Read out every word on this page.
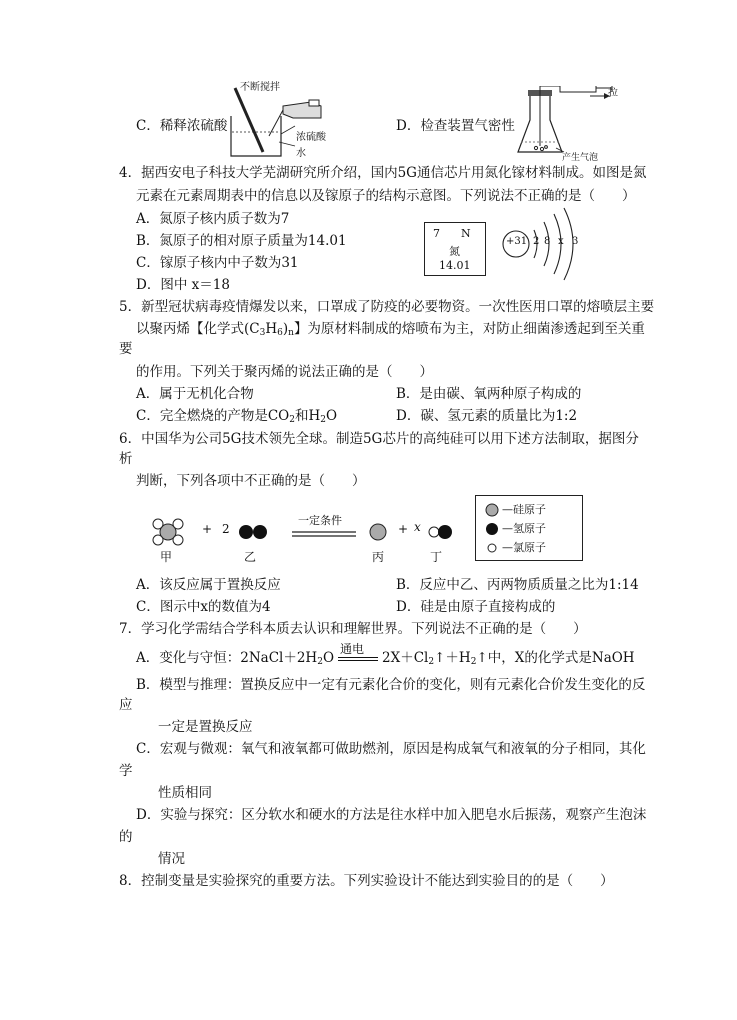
C．稀释浓硫酸
不断搅拌
浓硫酸
水
D．检查装置气密性
拉
产生气泡
4．据西安电子科技大学芜湖研究所介绍，国内5G通信芯片用氮化镓材料制成。如图是氮
元素在元素周期表中的信息以及镓原子的结构示意图。下列说法不正确的是（　　）
A．氮原子核内质子数为7
B．氮原子的相对原子质量为14.01
C．镓原子核内中子数为31
D．图中 x＝18
7 N
氮
14.01
+31 2 8 x 3
5．新型冠状病毒疫情爆发以来，口罩成了防疫的必要物资。一次性医用口罩的熔喷层主要
以聚丙烯【化学式$(C_3H_6)_n$】为原材料制成的熔喷布为主，对防止细菌渗透起到至关重
要
的作用。下列关于聚丙烯的说法正确的是（　　）
A．属于无机化合物	B．是由碳、氧两种原子构成的
C．完全燃烧的产物是$CO_2$和$H_2O$	D．碳、氢元素的质量比为1:2
6．中国华为公司5G技术领先全球。制造5G芯片的高纯硅可以用下述方法制取，据图分
析
判断，下列各项中不正确的是（　　）
+ 2
一定条件
+ x
甲	乙	丙	丁
—硅原子
—氢原子
—氯原子
A．该反应属于置换反应	B．反应中乙、丙两物质质量之比为1:14
C．图示中x的数值为4	D．硅是由原子直接构成的
7．学习化学需结合学科本质去认识和理解世界。下列说法不正确的是（　　）
A．变化与守恒：$2NaCl+2H_2O$
通电
$2X+Cl_2↑+H_2↑$中，X的化学式是NaOH
B．模型与推理：置换反应中一定有元素化合价的变化，则有元素化合价发生变化的反
应
一定是置换反应
C．宏观与微观：氧气和液氧都可做助燃剂，原因是构成氧气和液氧的分子相同，其化
学
性质相同
D．实验与探究：区分软水和硬水的方法是往水样中加入肥皂水后振荡，观察产生泡沫
的
情况
8．控制变量是实验探究的重要方法。下列实验设计不能达到实验目的的是（　　）
